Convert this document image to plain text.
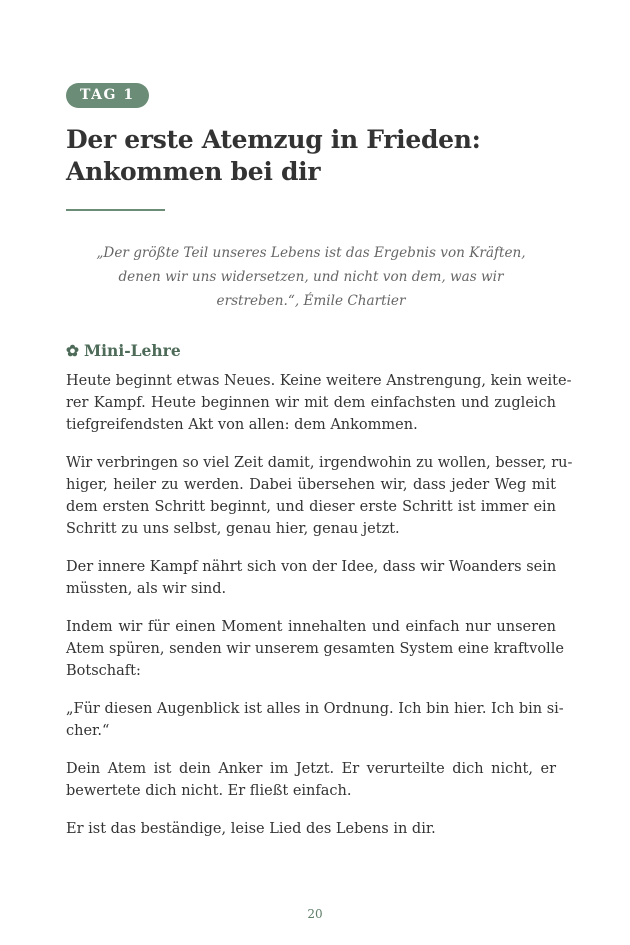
TAG 1
Der erste Atemzug in Frieden:
Ankommen bei dir
„Der größte Teil unseres Lebens ist das Ergebnis von Kräften,
denen wir uns widersetzen, und nicht von dem, was wir
erstreben.“, Émile Chartier
✿ Mini-Lehre

Heute beginnt etwas Neues. Keine weitere Anstrengung, kein weite-
rer Kampf. Heute beginnen wir mit dem einfachsten und zugleich
tiefgreifendsten Akt von allen: dem Ankommen.

Wir verbringen so viel Zeit damit, irgendwohin zu wollen, besser, ru-
higer, heiler zu werden. Dabei übersehen wir, dass jeder Weg mit
dem ersten Schritt beginnt, und dieser erste Schritt ist immer ein
Schritt zu uns selbst, genau hier, genau jetzt.

Der innere Kampf nährt sich von der Idee, dass wir Woanders sein
müssten, als wir sind.

Indem wir für einen Moment innehalten und einfach nur unseren
Atem spüren, senden wir unserem gesamten System eine kraftvolle
Botschaft:

„Für diesen Augenblick ist alles in Ordnung. Ich bin hier. Ich bin si-
cher.“

Dein Atem ist dein Anker im Jetzt. Er verurteilte dich nicht, er
bewertete dich nicht. Er fließt einfach.

Er ist das beständige, leise Lied des Lebens in dir.

20
